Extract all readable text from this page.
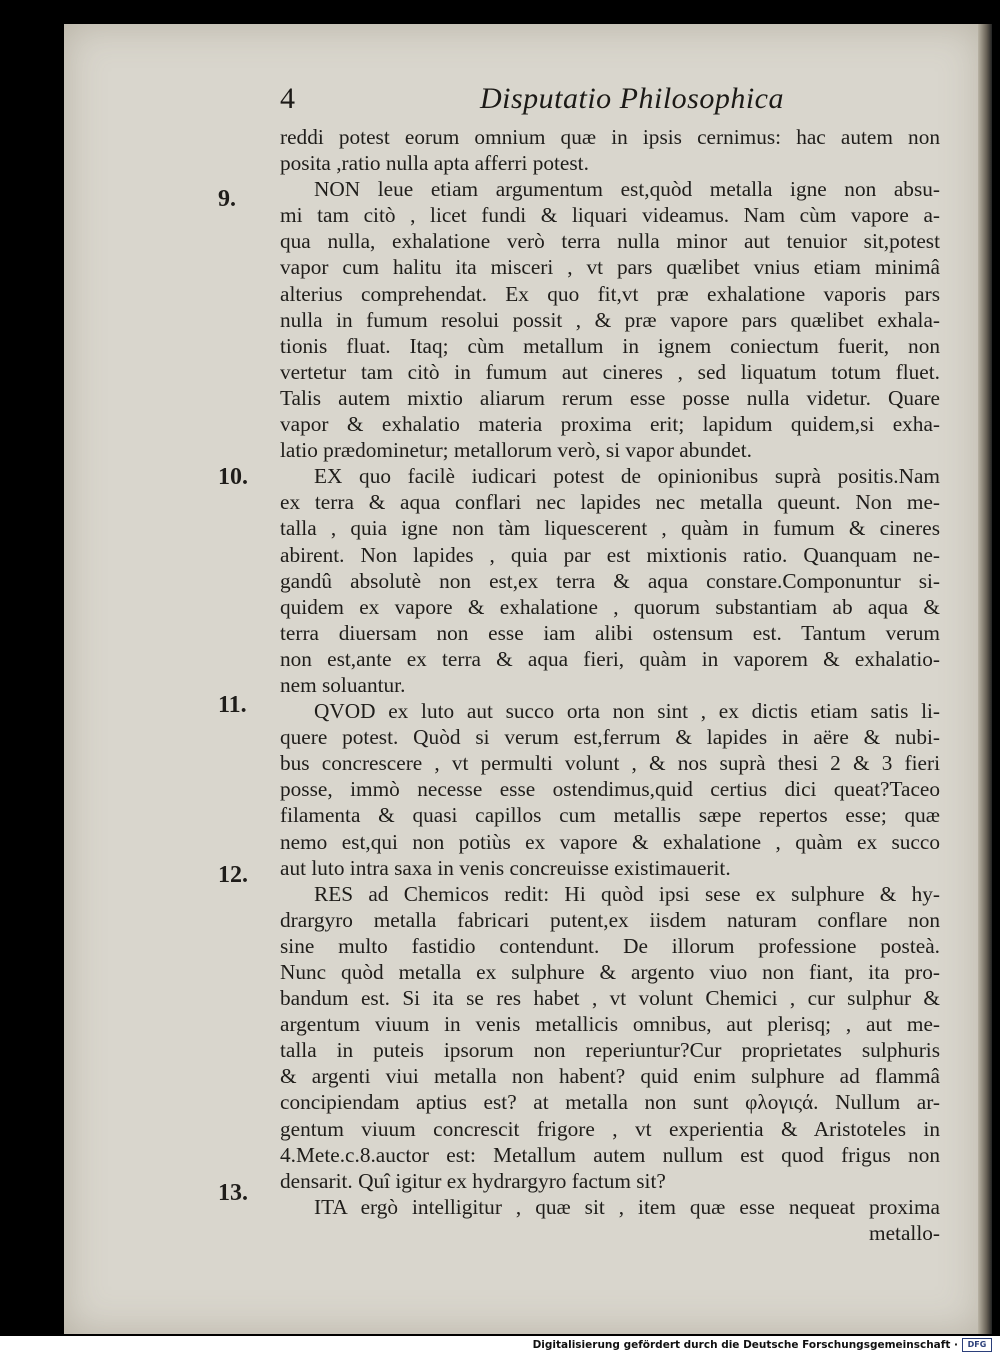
4	Disputatio Philosophica
9.
10.
11.
12.
13.
reddi potest eorum omnium quæ in ipsis cernimus: hac autem non
posita ,ratio nulla apta afferri potest.
NON leue etiam argumentum est,quòd metalla igne non absu-
mi tam citò , licet fundi & liquari videamus. Nam cùm vapore a-
qua nulla, exhalatione verò terra nulla minor aut tenuior sit,potest
vapor cum halitu ita misceri , vt pars quælibet vnius etiam minimâ
alterius comprehendat. Ex quo fit,vt præ exhalatione vaporis pars
nulla in fumum resolui possit , & præ vapore pars quælibet exhala-
tionis fluat. Itaq; cùm metallum in ignem coniectum fuerit, non
vertetur tam citò in fumum aut cineres , sed liquatum totum fluet.
Talis autem mixtio aliarum rerum esse posse nulla videtur. Quare
vapor & exhalatio materia proxima erit; lapidum quidem,si exha-
latio prædominetur; metallorum verò, si vapor abundet.
EX quo facilè iudicari potest de opinionibus suprà positis.Nam
ex terra & aqua conflari nec lapides nec metalla queunt. Non me-
talla , quia igne non tàm liquescerent , quàm in fumum & cineres
abirent. Non lapides , quia par est mixtionis ratio. Quanquam ne-
gandû absolutè non est,ex terra & aqua constare.Componuntur si-
quidem ex vapore & exhalatione , quorum substantiam ab aqua &
terra diuersam non esse iam alibi ostensum est. Tantum verum
non est,ante ex terra & aqua fieri, quàm in vaporem & exhalatio-
nem soluantur.
QVOD ex luto aut succo orta non sint , ex dictis etiam satis li-
quere potest. Quòd si verum est,ferrum & lapides in aëre & nubi-
bus concrescere , vt permulti volunt , & nos suprà thesi 2 & 3 fieri
posse, immò necesse esse ostendimus,quid certius dici queat?Taceo
filamenta & quasi capillos cum metallis sæpe repertos esse; quæ
nemo est,qui non potiùs ex vapore & exhalatione , quàm ex succo
aut luto intra saxa in venis concreuisse existimauerit.
RES ad Chemicos redit: Hi quòd ipsi sese ex sulphure & hy-
drargyro metalla fabricari putent,ex iisdem naturam conflare non
sine multo fastidio contendunt. De illorum professione posteà.
Nunc quòd metalla ex sulphure & argento viuo non fiant, ita pro-
bandum est. Si ita se res habet , vt volunt Chemici , cur sulphur &
argentum viuum in venis metallicis omnibus, aut plerisq; , aut me-
talla in puteis ipsorum non reperiuntur?Cur proprietates sulphuris
& argenti viui metalla non habent? quid enim sulphure ad flammâ
concipiendam aptius est? at metalla non sunt φλογιςά. Nullum ar-
gentum viuum concrescit frigore , vt experientia & Aristoteles in
4.Mete.c.8.auctor est: Metallum autem nullum est quod frigus non
densarit. Quî igitur ex hydrargyro factum sit?
ITA ergò intelligitur , quæ sit , item quæ esse nequeat proxima
metallo-
Digitalisierung gefördert durch die Deutsche Forschungsgemeinschaft ·	DFG
